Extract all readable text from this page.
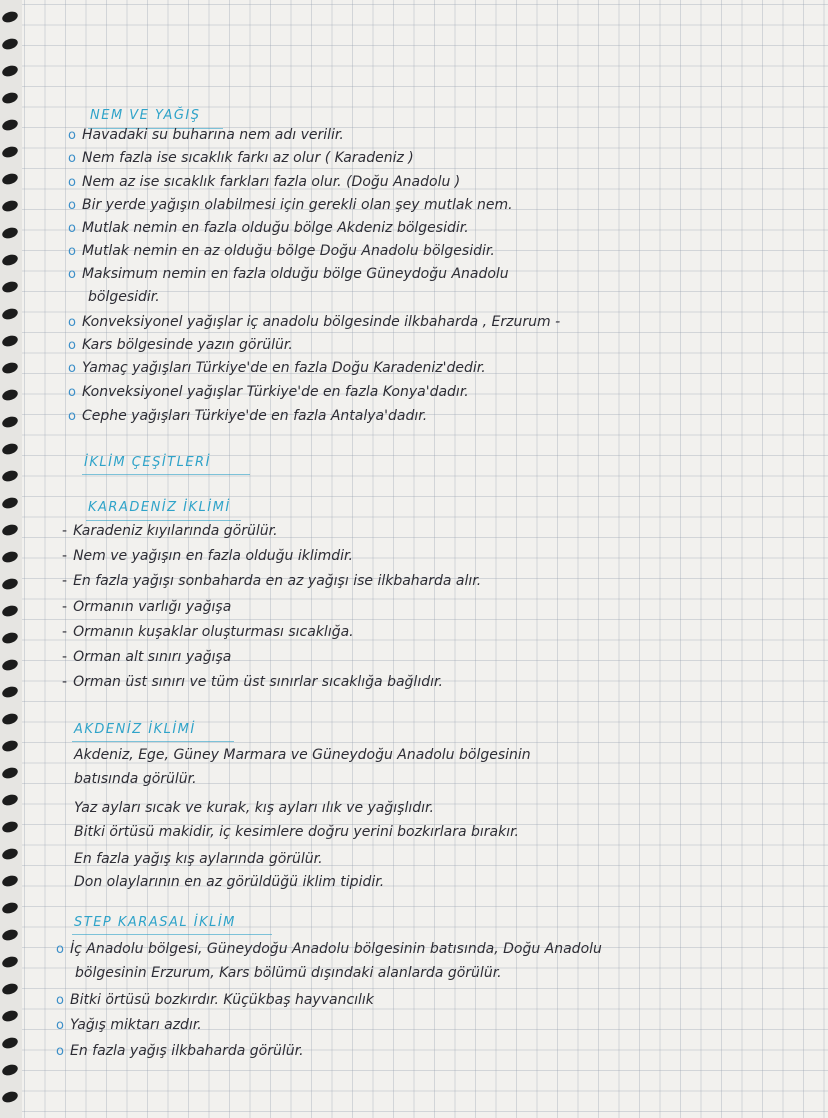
NEM VE YAĞIŞ
o Havadaki su buharına nem adı verilir.
o Nem fazla ise sıcaklık farkı az olur ( Karadeniz )
o Nem az ise sıcaklık farkları fazla olur. (Doğu Anadolu )
o Bir yerde yağışın olabilmesi için gerekli olan şey mutlak nem.
o Mutlak nemin en fazla olduğu bölge Akdeniz bölgesidir.
o Mutlak nemin en az olduğu bölge Doğu Anadolu bölgesidir.
o Maksimum nemin en fazla olduğu bölge Güneydoğu Anadolu
bölgesidir.
o Konveksiyonel yağışlar iç anadolu bölgesinde ilkbaharda , Erzurum -
o Kars bölgesinde yazın görülür.
o Yamaç yağışları Türkiye'de en fazla Doğu Karadeniz'dedir.
o Konveksiyonel yağışlar Türkiye'de en fazla Konya'dadır.
o Cephe yağışları Türkiye'de en fazla Antalya'dadır.
İKLİM ÇEŞİTLERİ
KARADENİZ İKLİMİ
- Karadeniz kıyılarında görülür.
- Nem ve yağışın en fazla olduğu iklimdir.
- En fazla yağışı sonbaharda en az yağışı ise ilkbaharda alır.
- Ormanın varlığı yağışa
- Ormanın kuşaklar oluşturması sıcaklığa.
- Orman alt sınırı yağışa
- Orman üst sınırı ve tüm üst sınırlar sıcaklığa bağlıdır.
AKDENİZ İKLİMİ
Akdeniz, Ege, Güney Marmara ve Güneydoğu Anadolu bölgesinin
batısında görülür.
Yaz ayları sıcak ve kurak, kış ayları ılık ve yağışlıdır.
Bitki örtüsü makidir, iç kesimlere doğru yerini bozkırlara bırakır.
En fazla yağış kış aylarında görülür.
Don olaylarının en az görüldüğü iklim tipidir.
STEP KARASAL İKLİM
o İç Anadolu bölgesi, Güneydoğu Anadolu bölgesinin batısında, Doğu Anadolu
bölgesinin Erzurum, Kars bölümü dışındaki alanlarda görülür.
o Bitki örtüsü bozkırdır. Küçükbaş hayvancılık
o Yağış miktarı azdır.
o En fazla yağış ilkbaharda görülür.
